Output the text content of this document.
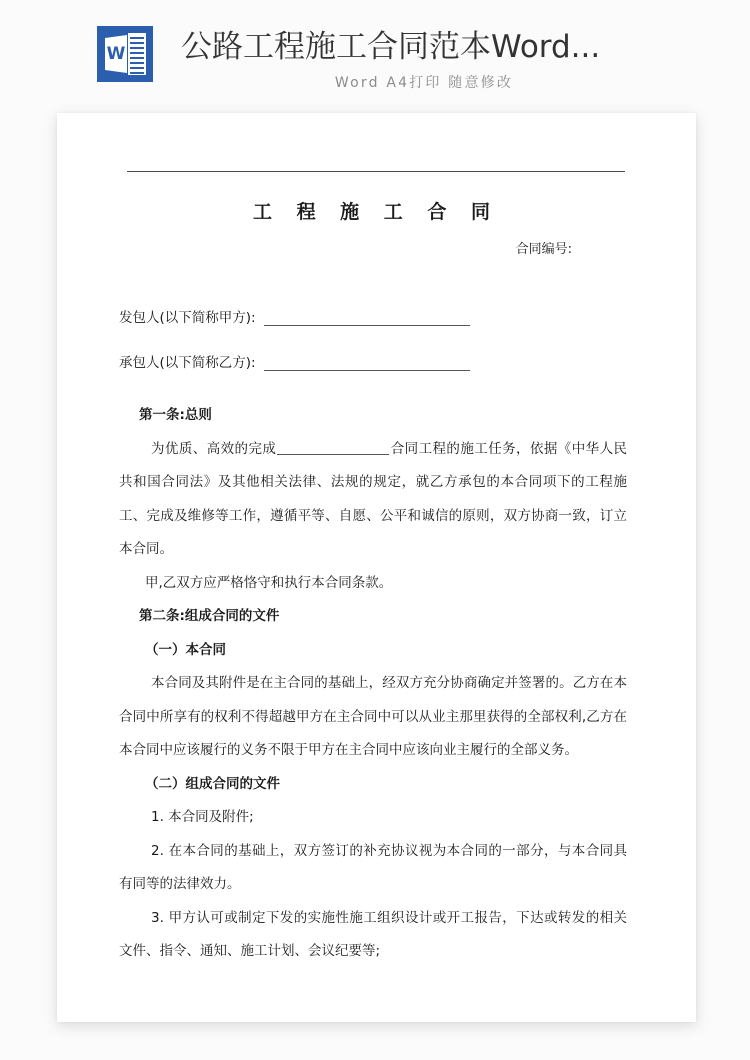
W 公路工程施工合同范本Word...
Word A4打印 随意修改
工 程 施 工 合 同
合同编号:
发包人(以下简称甲方):
承包人(以下简称乙方):

第一条:总则

为优质、高效的完成	合同工程的施工任务，依据《中华人民共和国合同法》及其他相关法律、法规的规定，就乙方承包的本合同项下的工程施工、完成及维修等工作，遵循平等、自愿、公平和诚信的原则，双方协商一致，订立本合同。

甲,乙双方应严格恪守和执行本合同条款。

第二条:组成合同的文件

（一）本合同

本合同及其附件是在主合同的基础上，经双方充分协商确定并签署的。乙方在本合同中所享有的权利不得超越甲方在主合同中可以从业主那里获得的全部权利,乙方在本合同中应该履行的义务不限于甲方在主合同中应该向业主履行的全部义务。

（二）组成合同的文件

1. 本合同及附件;

2. 在本合同的基础上，双方签订的补充协议视为本合同的一部分，与本合同具有同等的法律效力。

3. 甲方认可或制定下发的实施性施工组织设计或开工报告，下达或转发的相关文件、指令、通知、施工计划、会议纪要等;
